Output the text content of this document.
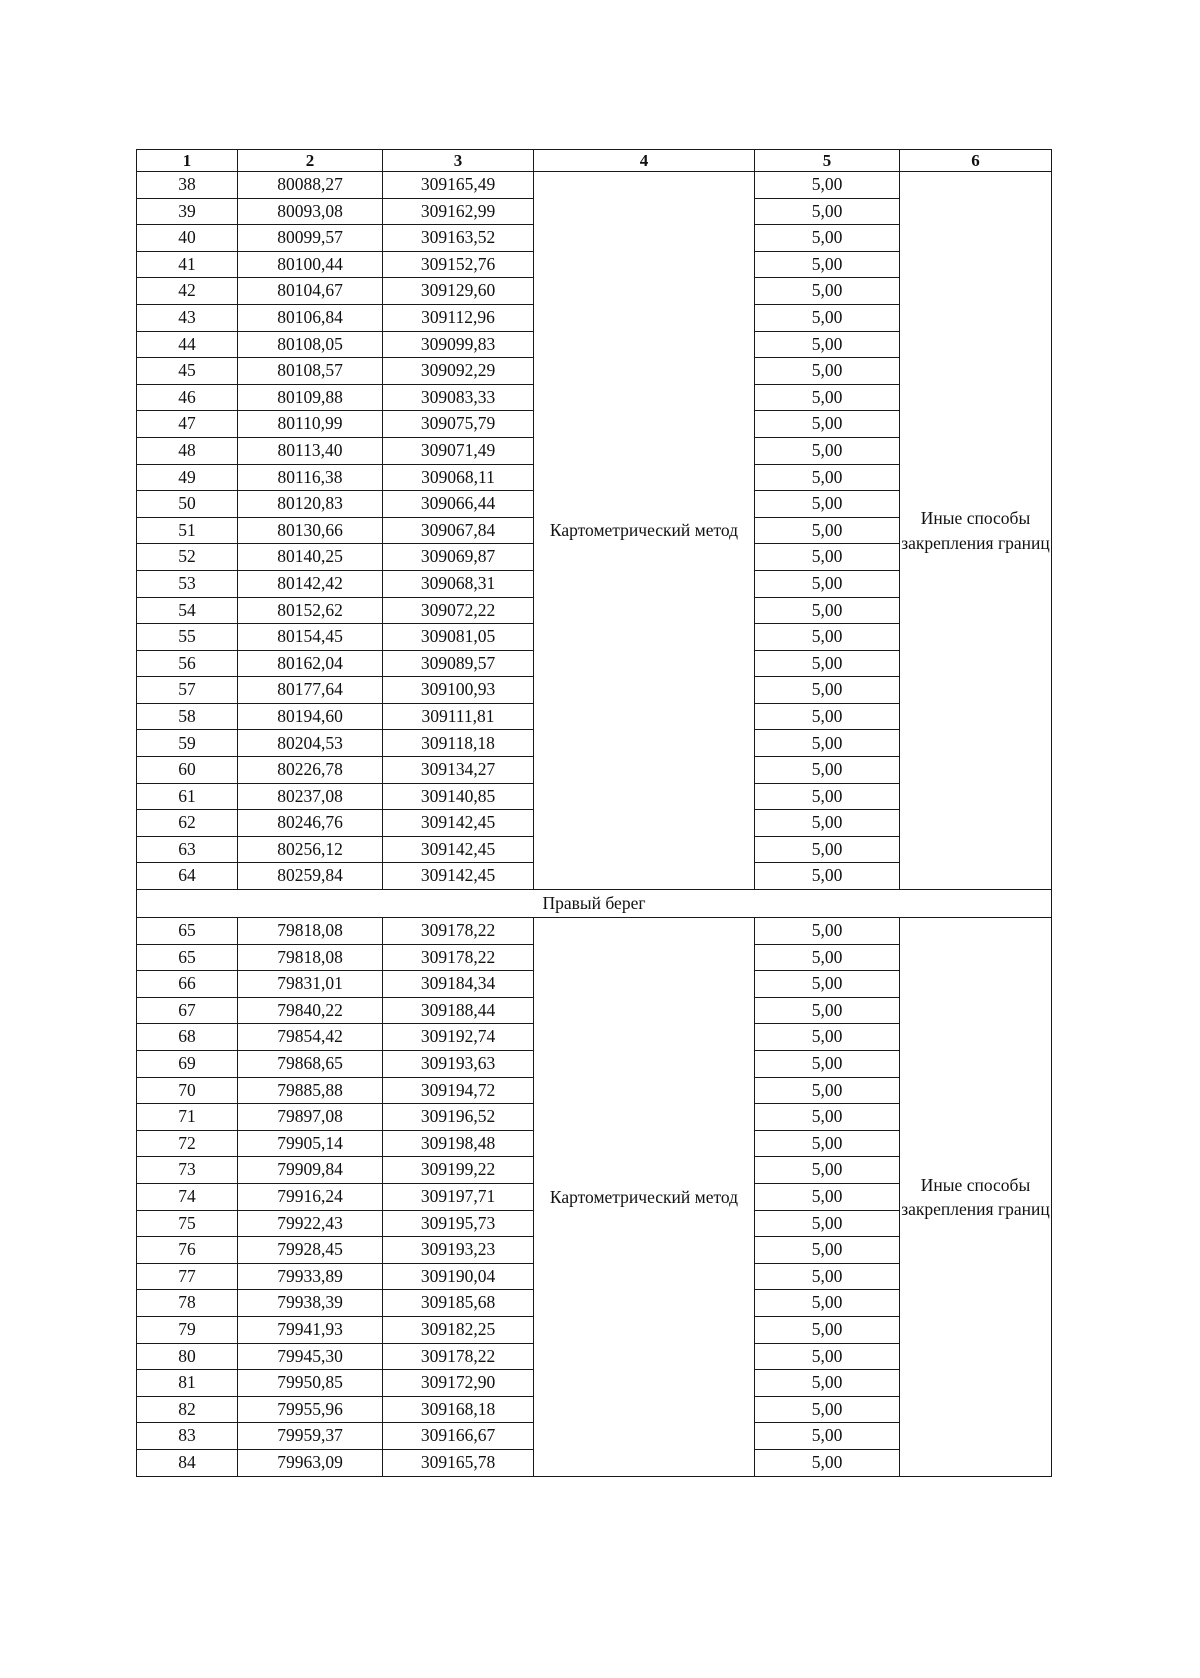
1	2	3	4	5	6
38	80088,27	309165,49	Картометрический метод	5,00	Иные способы закрепления границ
39	80093,08	309162,99		5,00	
40	80099,57	309163,52		5,00	
41	80100,44	309152,76		5,00	
42	80104,67	309129,60		5,00	
43	80106,84	309112,96		5,00	
44	80108,05	309099,83		5,00	
45	80108,57	309092,29		5,00	
46	80109,88	309083,33		5,00	
47	80110,99	309075,79		5,00	
48	80113,40	309071,49		5,00	
49	80116,38	309068,11		5,00	
50	80120,83	309066,44		5,00	
51	80130,66	309067,84		5,00	
52	80140,25	309069,87		5,00	
53	80142,42	309068,31		5,00	
54	80152,62	309072,22		5,00	
55	80154,45	309081,05		5,00	
56	80162,04	309089,57		5,00	
57	80177,64	309100,93		5,00	
58	80194,60	309111,81		5,00	
59	80204,53	309118,18		5,00	
60	80226,78	309134,27		5,00	
61	80237,08	309140,85		5,00	
62	80246,76	309142,45		5,00	
63	80256,12	309142,45		5,00	
64	80259,84	309142,45		5,00	
Правый берег					
65	79818,08	309178,22	Картометрический метод	5,00	Иные способы закрепления границ
65	79818,08	309178,22		5,00	
66	79831,01	309184,34		5,00	
67	79840,22	309188,44		5,00	
68	79854,42	309192,74		5,00	
69	79868,65	309193,63		5,00	
70	79885,88	309194,72		5,00	
71	79897,08	309196,52		5,00	
72	79905,14	309198,48		5,00	
73	79909,84	309199,22		5,00	
74	79916,24	309197,71		5,00	
75	79922,43	309195,73		5,00	
76	79928,45	309193,23		5,00	
77	79933,89	309190,04		5,00	
78	79938,39	309185,68		5,00	
79	79941,93	309182,25		5,00	
80	79945,30	309178,22		5,00	
81	79950,85	309172,90		5,00	
82	79955,96	309168,18		5,00	
83	79959,37	309166,67		5,00	
84	79963,09	309165,78		5,00	
